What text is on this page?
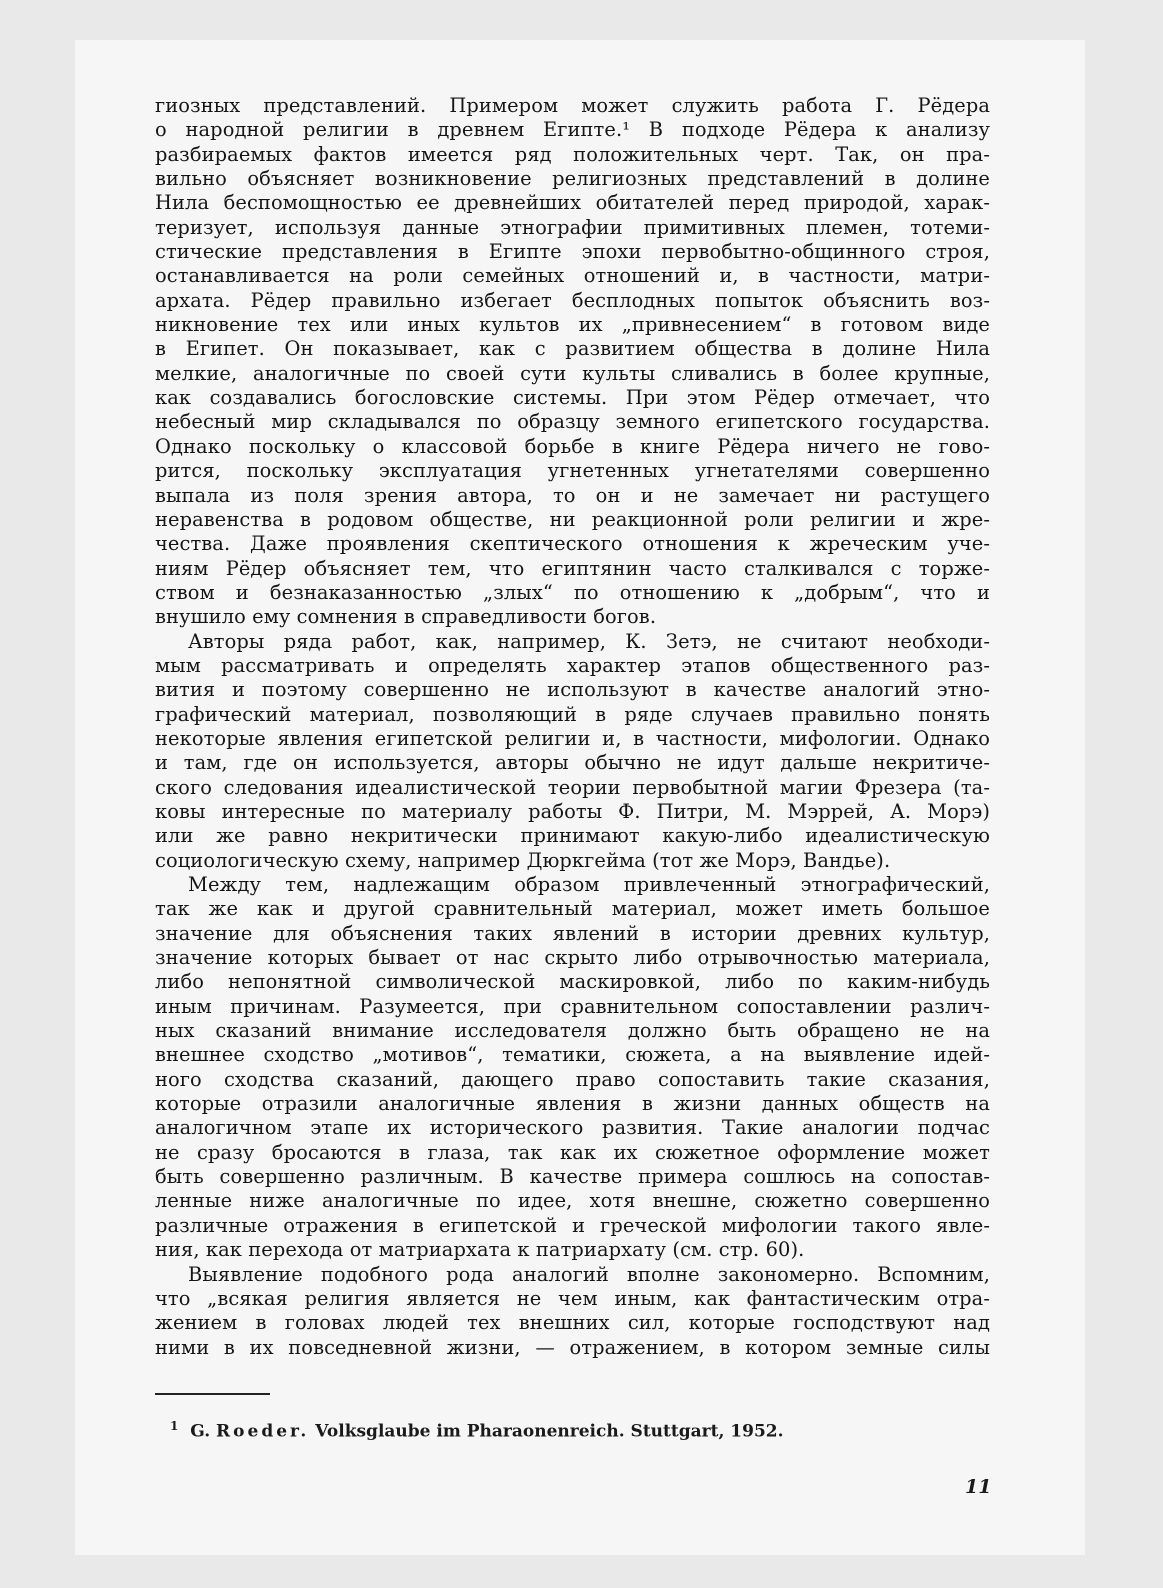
гиозных представлений. Примером может служить работа Г. Рёдера
о народной религии в древнем Египте.¹ В подходе Рёдера к анализу
разбираемых фактов имеется ряд положительных черт. Так, он пра-
вильно объясняет возникновение религиозных представлений в долине
Нила беспомощностью ее древнейших обитателей перед природой, харак-
теризует, используя данные этнографии примитивных племен, тотеми-
стические представления в Египте эпохи первобытно-общинного строя,
останавливается на роли семейных отношений и, в частности, матри-
архата. Рёдер правильно избегает бесплодных попыток объяснить воз-
никновение тех или иных культов их „привнесением“ в готовом виде
в Египет. Он показывает, как с развитием общества в долине Нила
мелкие, аналогичные по своей сути культы сливались в более крупные,
как создавались богословские системы. При этом Рёдер отмечает, что
небесный мир складывался по образцу земного египетского государства.
Однако поскольку о классовой борьбе в книге Рёдера ничего не гово-
рится, поскольку эксплуатация угнетенных угнетателями совершенно
выпала из поля зрения автора, то он и не замечает ни растущего
неравенства в родовом обществе, ни реакционной роли религии и жре-
чества. Даже проявления скептического отношения к жреческим уче-
ниям Рёдер объясняет тем, что египтянин часто сталкивался с торже-
ством и безнаказанностью „злых“ по отношению к „добрым“, что и
внушило ему сомнения в справедливости богов.
Авторы ряда работ, как, например, К. Зетэ, не считают необходи-
мым рассматривать и определять характер этапов общественного раз-
вития и поэтому совершенно не используют в качестве аналогий этно-
графический материал, позволяющий в ряде случаев правильно понять
некоторые явления египетской религии и, в частности, мифологии. Однако
и там, где он используется, авторы обычно не идут дальше некритиче-
ского следования идеалистической теории первобытной магии Фрезера (та-
ковы интересные по материалу работы Ф. Питри, М. Мэррей, А. Морэ)
или же равно некритически принимают какую-либо идеалистическую
социологическую схему, например Дюркгейма (тот же Морэ, Вандье).
Между тем, надлежащим образом привлеченный этнографический,
так же как и другой сравнительный материал, может иметь большое
значение для объяснения таких явлений в истории древних культур,
значение которых бывает от нас скрыто либо отрывочностью материала,
либо непонятной символической маскировкой, либо по каким-нибудь
иным причинам. Разумеется, при сравнительном сопоставлении различ-
ных сказаний внимание исследователя должно быть обращено не на
внешнее сходство „мотивов“, тематики, сюжета, а на выявление идей-
ного сходства сказаний, дающего право сопоставить такие сказания,
которые отразили аналогичные явления в жизни данных обществ на
аналогичном этапе их исторического развития. Такие аналогии подчас
не сразу бросаются в глаза, так как их сюжетное оформление может
быть совершенно различным. В качестве примера сошлюсь на сопостав-
ленные ниже аналогичные по идее, хотя внешне, сюжетно совершенно
различные отражения в египетской и греческой мифологии такого явле-
ния, как перехода от матриархата к патриархату (см. стр. 60).
Выявление подобного рода аналогий вполне закономерно. Вспомним,
что „всякая религия является не чем иным, как фантастическим отра-
жением в головах людей тех внешних сил, которые господствуют над
ними в их повседневной жизни, — отражением, в котором земные силы
$^1$ G. Roeder. Volksglaube im Pharaonenreich. Stuttgart, 1952.
11
